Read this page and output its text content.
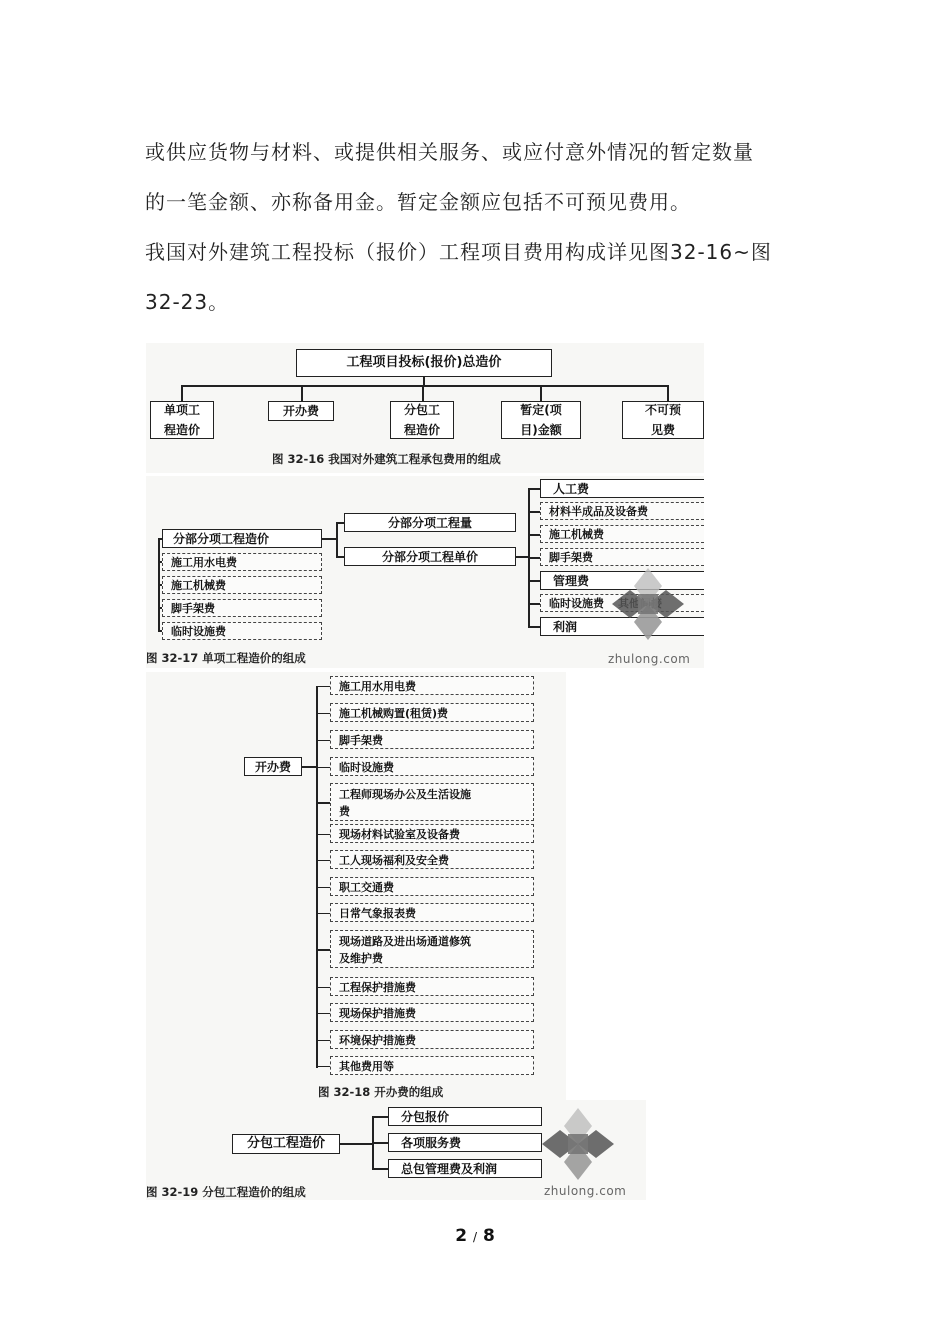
或供应货物与材料、或提供相关服务、或应付意外情况的暂定数量

的一笔金额、亦称备用金。暂定金额应包括不可预见费用。

我国对外建筑工程投标（报价）工程项目费用构成详见图32-16~图

32-23。

工程项目投标(报价)总造价
单项工
程造价
开办费	分包工
程造价
暂定(项
目)金额
不可预
见费
图 32-16 我国对外建筑工程承包费用的组成
分部分项工程造价
施工用水电费
施工机械费
脚手架费
临时设施费
分部分项工程量
分部分项工程单价
人工费
材料半成品及设备费
施工机械费
脚手架费
管理费
临时设施费
利润
zhulong.com
图 32-17 单项工程造价的组成
开办费
施工用水用电费
施工机械购置(租赁)费
脚手架费
临时设施费
工程师现场办公及生活设施
费
现场材料试验室及设备费
工人现场福利及安全费
职工交通费
日常气象报表费
现场道路及进出场通道修筑
及维护费
工程保护措施费
现场保护措施费
环境保护措施费
其他费用等
图 32-18 开办费的组成
分包工程造价
分包报价
各项服务费
总包管理费及利润
zhulong.com
图 32-19 分包工程造价的组成
2 / 8
